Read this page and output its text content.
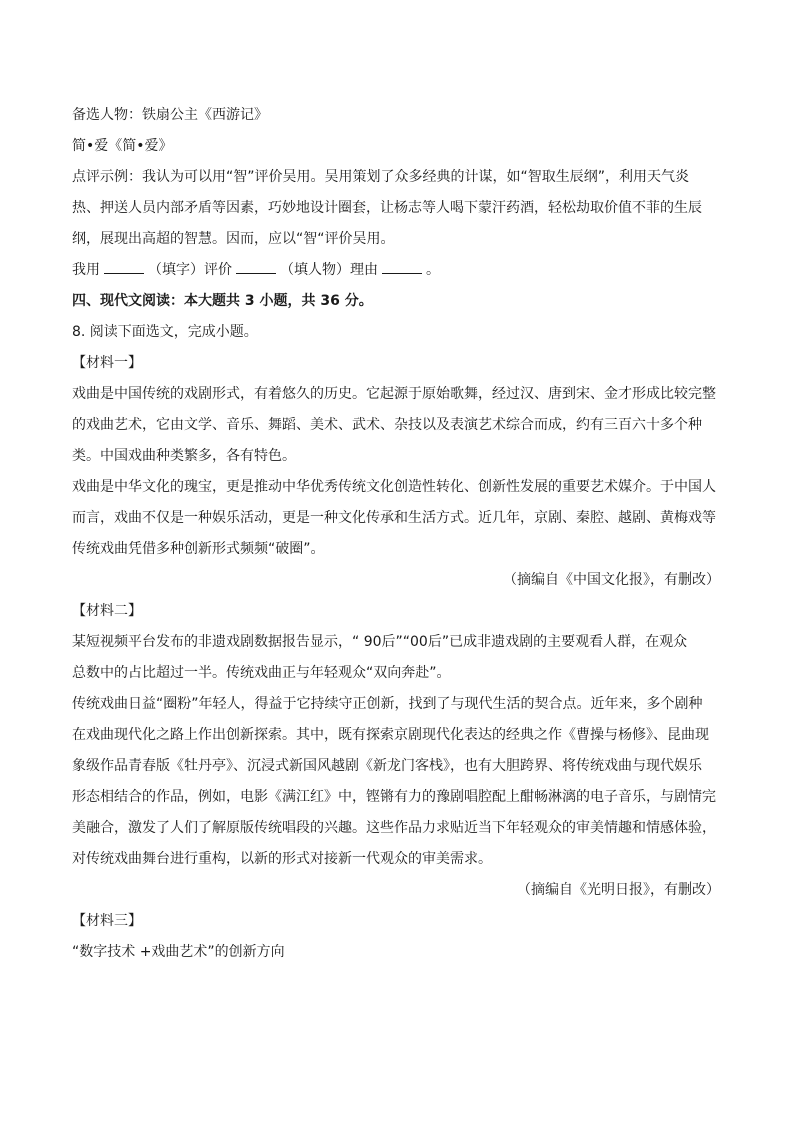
备选人物：铁扇公主《西游记》
简•爱《简•爱》
点评示例：我认为可以用“智”评价吴用。吴用策划了众多经典的计谋，如“智取生辰纲”，利用天气炎
热、押送人员内部矛盾等因素，巧妙地设计圈套，让杨志等人喝下蒙汗药酒，轻松劫取价值不菲的生辰
纲，展现出高超的智慧。因而，应以“智“评价吴用。
我用	（填字）评价	（填人物）理由	。
四、现代文阅读：本大题共 3 小题，共 36 分。
8. 阅读下面选文，完成小题。
【材料一】
戏曲是中国传统的戏剧形式，有着悠久的历史。它起源于原始歌舞，经过汉、唐到宋、金才形成比较完整
的戏曲艺术，它由文学、音乐、舞蹈、美术、武术、杂技以及表演艺术综合而成，约有三百六十多个种
类。中国戏曲种类繁多，各有特色。
戏曲是中华文化的瑰宝，更是推动中华优秀传统文化创造性转化、创新性发展的重要艺术媒介。于中国人
而言，戏曲不仅是一种娱乐活动，更是一种文化传承和生活方式。近几年，京剧、秦腔、越剧、黄梅戏等
传统戏曲凭借多种创新形式频频“破圈”。
（摘编自《中国文化报》，有删改）
【材料二】
某短视频平台发布的非遗戏剧数据报告显示，“ 90后”“00后”已成非遗戏剧的主要观看人群，在观众
总数中的占比超过一半。传统戏曲正与年轻观众“双向奔赴”。
传统戏曲日益“圈粉”年轻人，得益于它持续守正创新，找到了与现代生活的契合点。近年来，多个剧种
在戏曲现代化之路上作出创新探索。其中，既有探索京剧现代化表达的经典之作《曹操与杨修》、昆曲现
象级作品青春版《牡丹亭》、沉浸式新国风越剧《新龙门客栈》，也有大胆跨界、将传统戏曲与现代娱乐
形态相结合的作品，例如，电影《满江红》中，铿锵有力的豫剧唱腔配上酣畅淋漓的电子音乐，与剧情完
美融合，激发了人们了解原版传统唱段的兴趣。这些作品力求贴近当下年轻观众的审美情趣和情感体验，
对传统戏曲舞台进行重构，以新的形式对接新一代观众的审美需求。
（摘编自《光明日报》，有删改）
【材料三】
“数字技术 +戏曲艺术”的创新方向
